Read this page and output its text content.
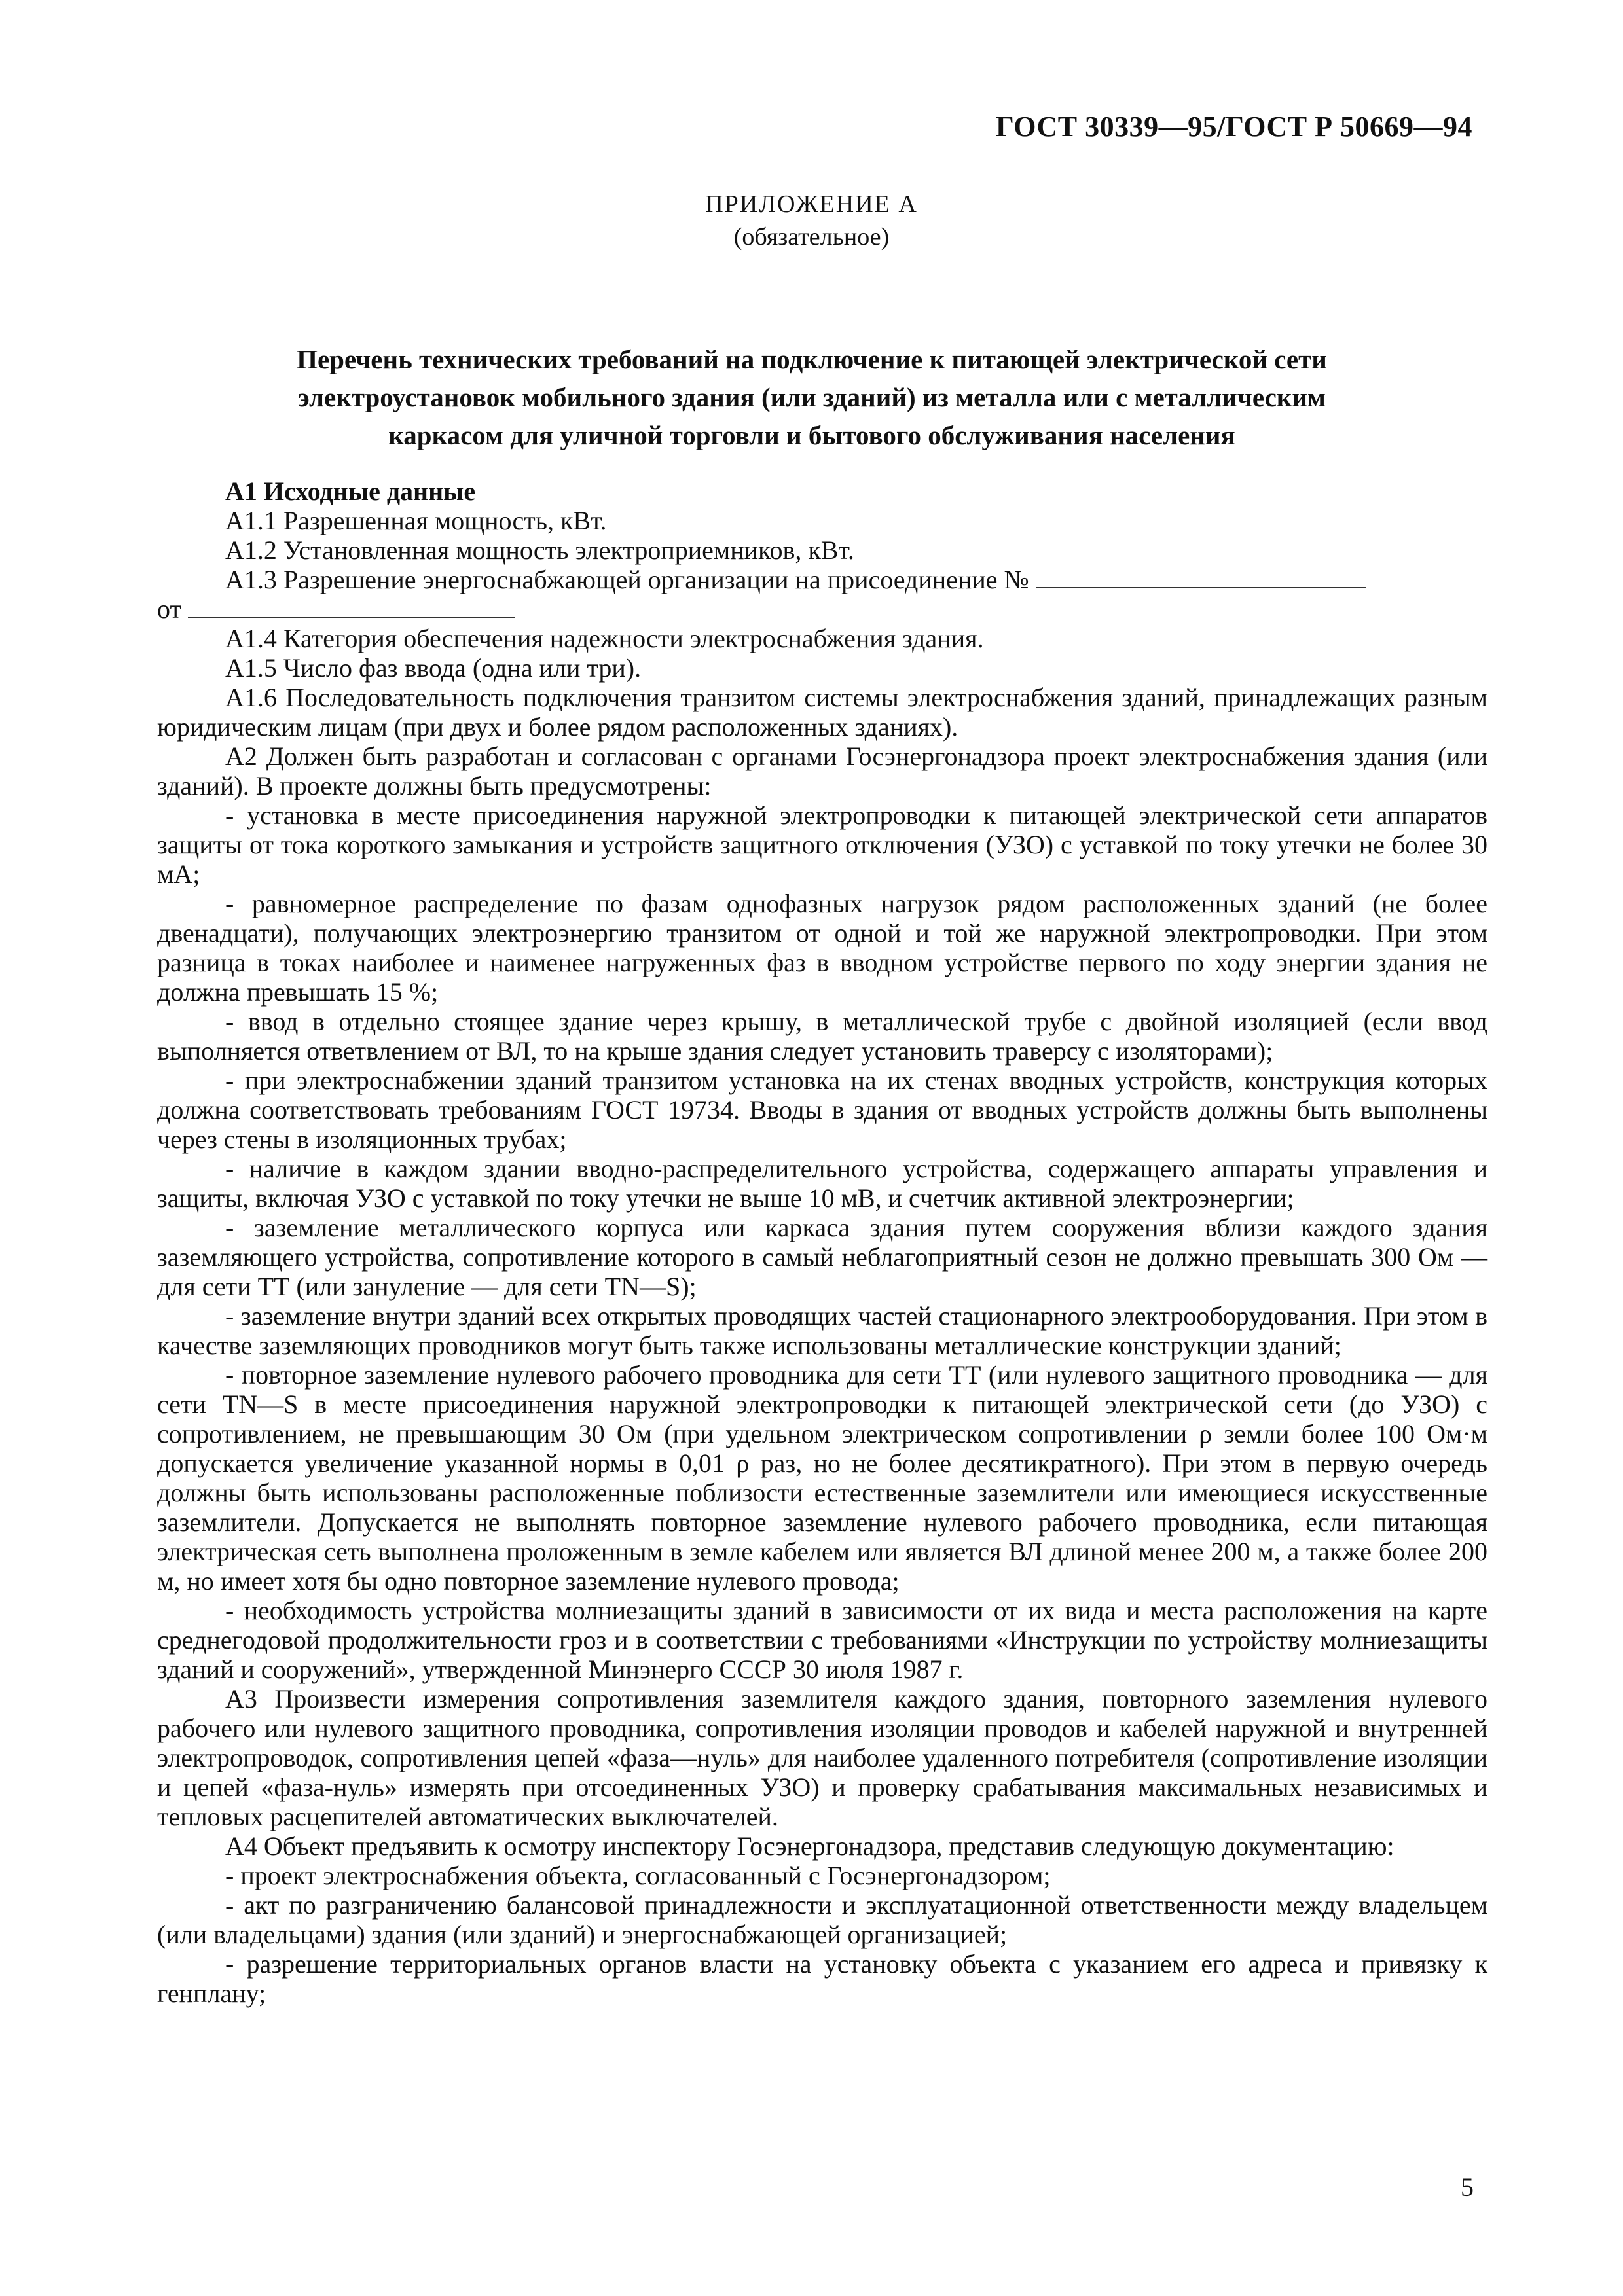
ГОСТ 30339—95/ГОСТ Р 50669—94
ПРИЛОЖЕНИЕ А
(обязательное)
Перечень технических требований на подключение к питающей электрической сети
электроустановок мобильного здания (или зданий) из металла или с металлическим
каркасом для уличной торговли и бытового обслуживания населения

А1 Исходные данные

А1.1 Разрешенная мощность, кВт.

А1.2 Установленная мощность электроприемников, кВт.

А1.3 Разрешение энергоснабжающей организации на присоединение №

от

А1.4 Категория обеспечения надежности электроснабжения здания.

А1.5 Число фаз ввода (одна или три).

А1.6 Последовательность подключения транзитом системы электроснабжения зданий, принадлежащих разным юридическим лицам (при двух и более рядом расположенных зданиях).

А2 Должен быть разработан и согласован с органами Госэнергонадзора проект электроснабжения здания (или зданий). В проекте должны быть предусмотрены:

- установка в месте присоединения наружной электропроводки к питающей электрической сети аппаратов защиты от тока короткого замыкания и устройств защитного отключения (УЗО) с уставкой по току утечки не более 30 мА;

- равномерное распределение по фазам однофазных нагрузок рядом расположенных зданий (не более двенадцати), получающих электроэнергию транзитом от одной и той же наружной электропроводки. При этом разница в токах наиболее и наименее нагруженных фаз в вводном устройстве первого по ходу энергии здания не должна превышать 15 %;

- ввод в отдельно стоящее здание через крышу, в металлической трубе с двойной изоляцией (если ввод выполняется ответвлением от ВЛ, то на крыше здания следует установить траверсу с изоляторами);

- при электроснабжении зданий транзитом установка на их стенах вводных устройств, конструкция которых должна соответствовать требованиям ГОСТ 19734. Вводы в здания от вводных устройств должны быть выполнены через стены в изоляционных трубах;

- наличие в каждом здании вводно-распределительного устройства, содержащего аппараты управления и защиты, включая УЗО с уставкой по току утечки не выше 10 мВ, и счетчик активной электроэнергии;

- заземление металлического корпуса или каркаса здания путем сооружения вблизи каждого здания заземляющего устройства, сопротивление которого в самый неблагоприятный сезон не должно превышать 300 Ом — для сети ТТ (или зануление — для сети TN—S);

- заземление внутри зданий всех открытых проводящих частей стационарного электрооборудования. При этом в качестве заземляющих проводников могут быть также использованы металлические конструкции зданий;

- повторное заземление нулевого рабочего проводника для сети ТТ (или нулевого защитного проводника — для сети TN—S в месте присоединения наружной электропроводки к питающей электрической сети (до УЗО) с сопротивлением, не превышающим 30 Ом (при удельном электрическом сопротивлении ρ земли более 100 Ом·м допускается увеличение указанной нормы в 0,01 ρ раз, но не более десятикратного). При этом в первую очередь должны быть использованы расположенные поблизости естественные заземлители или имеющиеся искусственные заземлители. Допускается не выполнять повторное заземление нулевого рабочего проводника, если питающая электрическая сеть выполнена проложенным в земле кабелем или является ВЛ длиной менее 200 м, а также более 200 м, но имеет хотя бы одно повторное заземление нулевого провода;

- необходимость устройства молниезащиты зданий в зависимости от их вида и места расположения на карте среднегодовой продолжительности гроз и в соответствии с требованиями «Инструкции по устройству молниезащиты зданий и сооружений», утвержденной Минэнерго СССР 30 июля 1987 г.

А3 Произвести измерения сопротивления заземлителя каждого здания, повторного заземления нулевого рабочего или нулевого защитного проводника, сопротивления изоляции проводов и кабелей наружной и внутренней электропроводок, сопротивления цепей «фаза—нуль» для наиболее удаленного потребителя (сопротивление изоляции и цепей «фаза-нуль» измерять при отсоединенных УЗО) и проверку срабатывания максимальных независимых и тепловых расцепителей автоматических выключателей.

А4 Объект предъявить к осмотру инспектору Госэнергонадзора, представив следующую документацию:

- проект электроснабжения объекта, согласованный с Госэнергонадзором;

- акт по разграничению балансовой принадлежности и эксплуатационной ответственности между владельцем (или владельцами) здания (или зданий) и энергоснабжающей организацией;

- разрешение территориальных органов власти на установку объекта с указанием его адреса и привязку к генплану;

5
